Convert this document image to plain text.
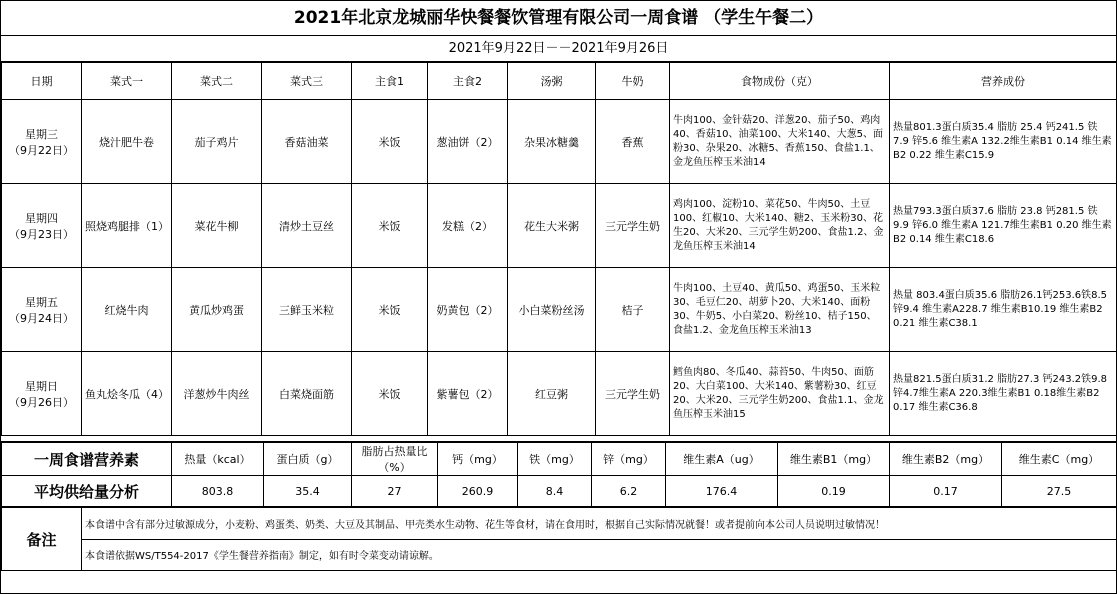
2021年北京龙城丽华快餐餐饮管理有限公司一周食谱 （学生午餐二）
2021年9月22日－－2021年9月26日
日期	菜式一	菜式二	菜式三	主食1	主食2	汤粥	牛奶	食物成份（克）	营养成份

星期三
（9月22日）	烧汁肥牛卷	茄子鸡片	香菇油菜	米饭	葱油饼（2）	杂果冰糖羹	香蕉	牛肉100、金针菇20、洋葱20、茄子50、鸡肉40、香菇10、油菜100、大米140、大葱5、面粉30、杂果20、冰糖5、香蕉150、食盐1.1、金龙鱼压榨玉米油14	热量801.3蛋白质35.4 脂肪 25.4 钙241.5 铁7.9 锌5.6 维生素A 132.2维生素B1 0.14 维生素B2 0.22 维生素C15.9

星期四
（9月23日）	照烧鸡腿排（1）	菜花牛柳	清炒土豆丝	米饭	发糕（2）	花生大米粥	三元学生奶	鸡肉100、淀粉10、菜花50、牛肉50、土豆100、红椒10、大米140、糖2、玉米粉30、花生20、大米20、三元学生奶200、食盐1.2、金龙鱼压榨玉米油14	热量793.3蛋白质37.6 脂肪 23.8 钙281.5 铁9.9 锌6.0 维生素A 121.7维生素B1 0.20 维生素B2 0.14 维生素C18.6

星期五
（9月24日）	红烧牛肉	黄瓜炒鸡蛋	三鲜玉米粒	米饭	奶黄包（2）	小白菜粉丝汤	桔子	牛肉100、土豆40、黄瓜50、鸡蛋50、玉米粒30、毛豆仁20、胡萝卜20、大米140、面粉30、牛奶5、小白菜20、粉丝10、桔子150、食盐1.2、金龙鱼压榨玉米油13	热量 803.4蛋白质35.6 脂肪26.1钙253.6铁8.5锌9.4 维生素A228.7 维生素B10.19 维生素B2 0.21 维生素C38.1

星期日
（9月26日）	鱼丸烩冬瓜（4）	洋葱炒牛肉丝	白菜烧面筋	米饭	紫薯包（2）	红豆粥	三元学生奶	鳕鱼肉80、冬瓜40、蒜苔50、牛肉50、面筋20、大白菜100、大米140、紫薯粉30、红豆20、大米20、三元学生奶200、食盐1.1、金龙鱼压榨玉米油15	热量821.5蛋白质31.2 脂肪27.3 钙243.2铁9.8锌4.7维生素A 220.3维生素B1 0.18维生素B2 0.17 维生素C36.8
一周食谱营养素	热量（kcal）	蛋白质（g）	脂肪占热量比（%）	钙（mg）	铁（mg）	锌（mg）	维生素A（ug）	维生素B1（mg）	维生素B2（mg）	维生素C（mg）
平均供给量分析	803.8	35.4	27	260.9	8.4	6.2	176.4	0.19	0.17	27.5
备注	本食谱中含有部分过敏源成分，小麦粉、鸡蛋类、奶类、大豆及其制品、甲壳类水生动物、花生等食材，请在食用时，根据自己实际情况就餐！或者提前向本公司人员说明过敏情况！
本食谱依据WS/T554-2017《学生餐营养指南》制定，如有时令菜变动请谅解。
